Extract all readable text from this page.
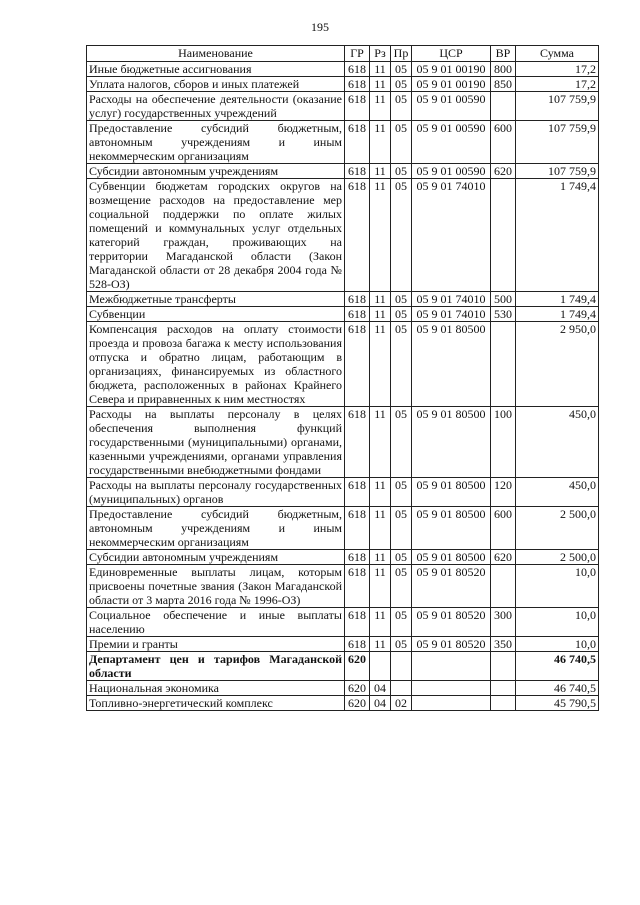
195
Наименование	ГР	Рз	Пр	ЦСР	ВР	Сумма
Иные бюджетные ассигнования	618	11	05	05 9 01 00190	800	17,2
Уплата налогов, сборов и иных платежей	618	11	05	05 9 01 00190	850	17,2
Расходы на обеспечение деятельности (оказание услуг) государственных учреждений	618	11	05	05 9 01 00590		107 759,9
Предоставление субсидий бюджетным, автономным учреждениям и иным некоммерческим организациям	618	11	05	05 9 01 00590	600	107 759,9
Субсидии автономным учреждениям	618	11	05	05 9 01 00590	620	107 759,9
Субвенции бюджетам городских округов на возмещение расходов на предоставление мер социальной поддержки по оплате жилых помещений и коммунальных услуг отдельных категорий граждан, проживающих на территории Магаданской области (Закон Магаданской области от 28 декабря 2004 года № 528-ОЗ)	618	11	05	05 9 01 74010		1 749,4
Межбюджетные трансферты	618	11	05	05 9 01 74010	500	1 749,4
Субвенции	618	11	05	05 9 01 74010	530	1 749,4
Компенсация расходов на оплату стоимости проезда и провоза багажа к месту использования отпуска и обратно лицам, работающим в организациях, финансируемых из областного бюджета, расположенных в районах Крайнего Севера и приравненных к ним местностях	618	11	05	05 9 01 80500		2 950,0
Расходы на выплаты персоналу в целях обеспечения выполнения функций государственными (муниципальными) органами, казенными учреждениями, органами управления государственными внебюджетными фондами	618	11	05	05 9 01 80500	100	450,0
Расходы на выплаты персоналу государственных (муниципальных) органов	618	11	05	05 9 01 80500	120	450,0
Предоставление субсидий бюджетным, автономным учреждениям и иным некоммерческим организациям	618	11	05	05 9 01 80500	600	2 500,0
Субсидии автономным учреждениям	618	11	05	05 9 01 80500	620	2 500,0
Единовременные выплаты лицам, которым присвоены почетные звания (Закон Магаданской области от 3 марта 2016 года № 1996-ОЗ)	618	11	05	05 9 01 80520		10,0
Социальное обеспечение и иные выплаты населению	618	11	05	05 9 01 80520	300	10,0
Премии и гранты	618	11	05	05 9 01 80520	350	10,0
Департамент цен и тарифов Магаданской области	620					46 740,5
Национальная экономика	620	04				46 740,5
Топливно-энергетический комплекс	620	04	02			45 790,5
